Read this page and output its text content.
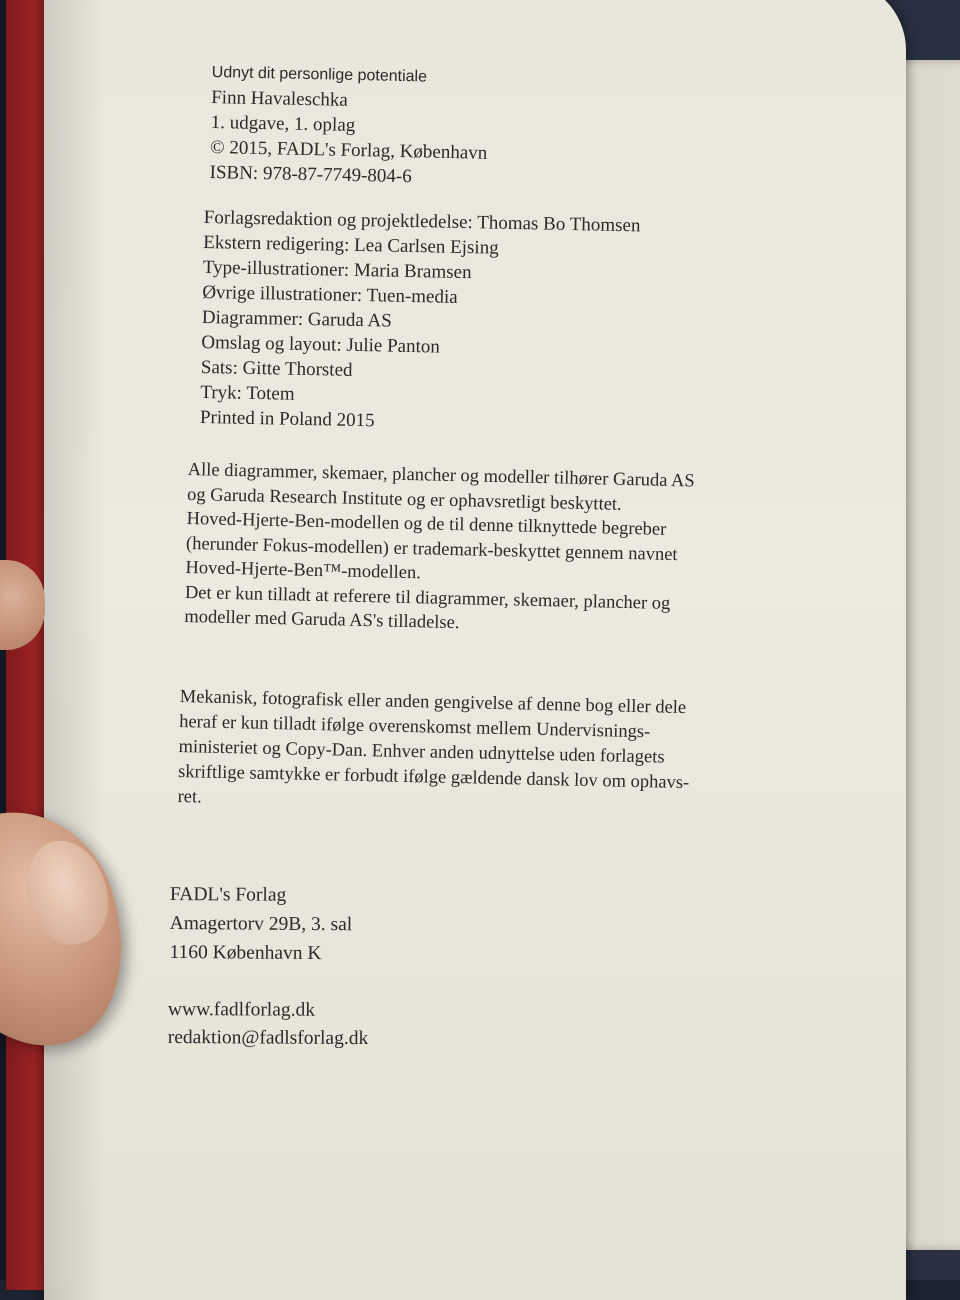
Udnyt dit personlige potentiale
Finn Havaleschka
1. udgave, 1. oplag
© 2015, FADL's Forlag, København
ISBN: 978-87-7749-804-6
Forlagsredaktion og projektledelse: Thomas Bo Thomsen
Ekstern redigering: Lea Carlsen Ejsing
Type-illustrationer: Maria Bramsen
Øvrige illustrationer: Tuen-media
Diagrammer: Garuda AS
Omslag og layout: Julie Panton
Sats: Gitte Thorsted
Tryk: Totem
Printed in Poland 2015
Alle diagrammer, skemaer, plancher og modeller tilhører Garuda AS
og Garuda Research Institute og er ophavsretligt beskyttet.
Hoved-Hjerte-Ben-modellen og de til denne tilknyttede begreber
(herunder Fokus-modellen) er trademark-beskyttet gennem navnet
Hoved-Hjerte-Ben™-modellen.
Det er kun tilladt at referere til diagrammer, skemaer, plancher og
modeller med Garuda AS's tilladelse.
Mekanisk, fotografisk eller anden gengivelse af denne bog eller dele
heraf er kun tilladt ifølge overenskomst mellem Undervisnings-
ministeriet og Copy-Dan. Enhver anden udnyttelse uden forlagets
skriftlige samtykke er forbudt ifølge gældende dansk lov om ophavs-
ret.
FADL's Forlag
Amagertorv 29B, 3. sal
1160 København K
www.fadlforlag.dk
redaktion@fadlsforlag.dk
